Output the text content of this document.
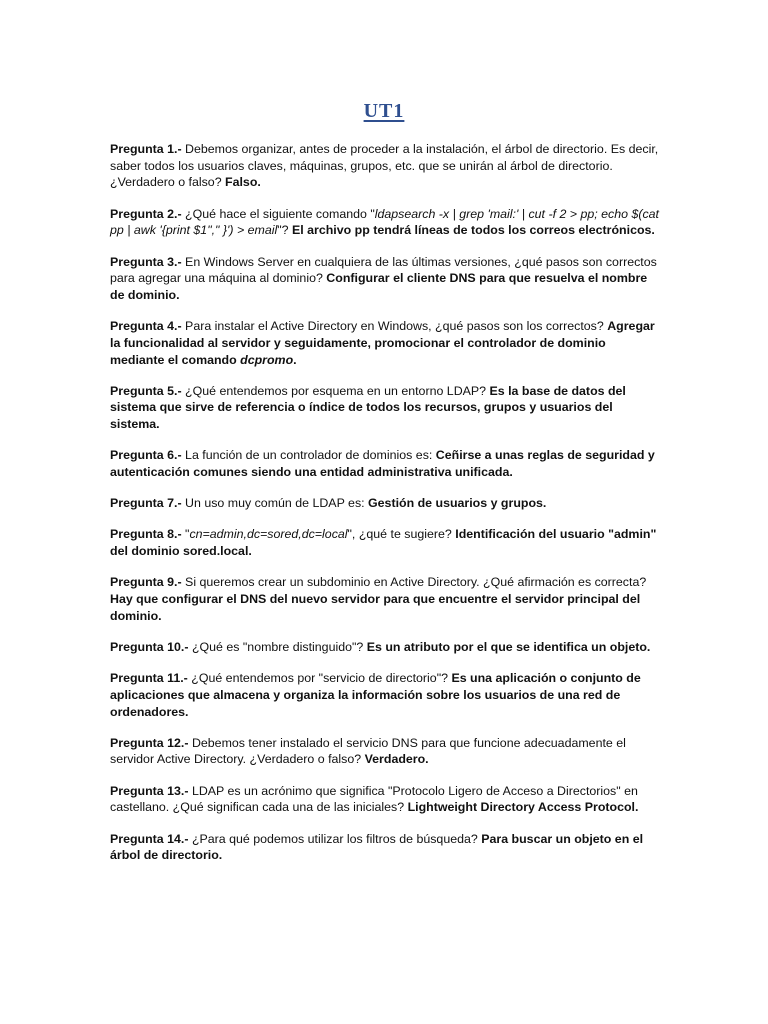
UT1

Pregunta 1.- Debemos organizar, antes de proceder a la instalación, el árbol de directorio. Es decir, saber todos los usuarios claves, máquinas, grupos, etc. que se unirán al árbol de directorio. ¿Verdadero o falso? Falso.

Pregunta 2.- ¿Qué hace el siguiente comando "ldapsearch -x | grep 'mail:' | cut -f 2 > pp; echo $(cat pp | awk '{print $1"," }') > email"? El archivo pp tendrá líneas de todos los correos electrónicos.

Pregunta 3.- En Windows Server en cualquiera de las últimas versiones, ¿qué pasos son correctos para agregar una máquina al dominio? Configurar el cliente DNS para que resuelva el nombre de dominio.

Pregunta 4.- Para instalar el Active Directory en Windows, ¿qué pasos son los correctos? Agregar la funcionalidad al servidor y seguidamente, promocionar el controlador de dominio mediante el comando dcpromo.

Pregunta 5.- ¿Qué entendemos por esquema en un entorno LDAP? Es la base de datos del sistema que sirve de referencia o índice de todos los recursos, grupos y usuarios del sistema.

Pregunta 6.- La función de un controlador de dominios es: Ceñirse a unas reglas de seguridad y autenticación comunes siendo una entidad administrativa unificada.

Pregunta 7.- Un uso muy común de LDAP es: Gestión de usuarios y grupos.

Pregunta 8.- "cn=admin,dc=sored,dc=local", ¿qué te sugiere? Identificación del usuario "admin" del dominio sored.local.

Pregunta 9.- Si queremos crear un subdominio en Active Directory. ¿Qué afirmación es correcta? Hay que configurar el DNS del nuevo servidor para que encuentre el servidor principal del dominio.

Pregunta 10.- ¿Qué es "nombre distinguido"? Es un atributo por el que se identifica un objeto.

Pregunta 11.- ¿Qué entendemos por "servicio de directorio"? Es una aplicación o conjunto de aplicaciones que almacena y organiza la información sobre los usuarios de una red de ordenadores.

Pregunta 12.- Debemos tener instalado el servicio DNS para que funcione adecuadamente el servidor Active Directory. ¿Verdadero o falso? Verdadero.

Pregunta 13.- LDAP es un acrónimo que significa "Protocolo Ligero de Acceso a Directorios" en castellano. ¿Qué significan cada una de las iniciales? Lightweight Directory Access Protocol.

Pregunta 14.- ¿Para qué podemos utilizar los filtros de búsqueda? Para buscar un objeto en el árbol de directorio.
